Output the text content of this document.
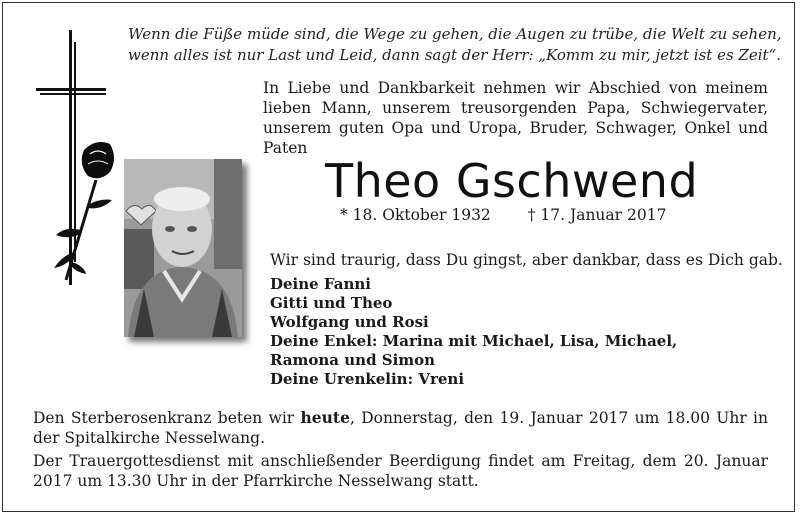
Wenn die Füße müde sind, die Wege zu gehen, die Augen zu trübe, die Welt zu sehen,
wenn alles ist nur Last und Leid, dann sagt der Herr: „Komm zu mir, jetzt ist es Zeit“.
In Liebe und Dankbarkeit nehmen wir Abschied von meinem lieben Mann, unserem treusorgenden Papa, Schwiegervater, unserem guten Opa und Uropa, Bruder, Schwager, Onkel und Paten
Theo Gschwend
* 18. Oktober 1932 † 17. Januar 2017
Wir sind traurig, dass Du gingst, aber dankbar, dass es Dich gab.
Deine Fanni
Gitti und Theo
Wolfgang und Rosi
Deine Enkel: Marina mit Michael, Lisa, Michael,
Ramona und Simon
Deine Urenkelin: Vreni
Den Sterberosenkranz beten wir heute, Donnerstag, den 19. Januar 2017 um 18.00 Uhr in der Spitalkirche Nesselwang.
Der Trauergottesdienst mit anschließender Beerdigung findet am Freitag, dem 20. Januar 2017 um 13.30 Uhr in der Pfarrkirche Nesselwang statt.
